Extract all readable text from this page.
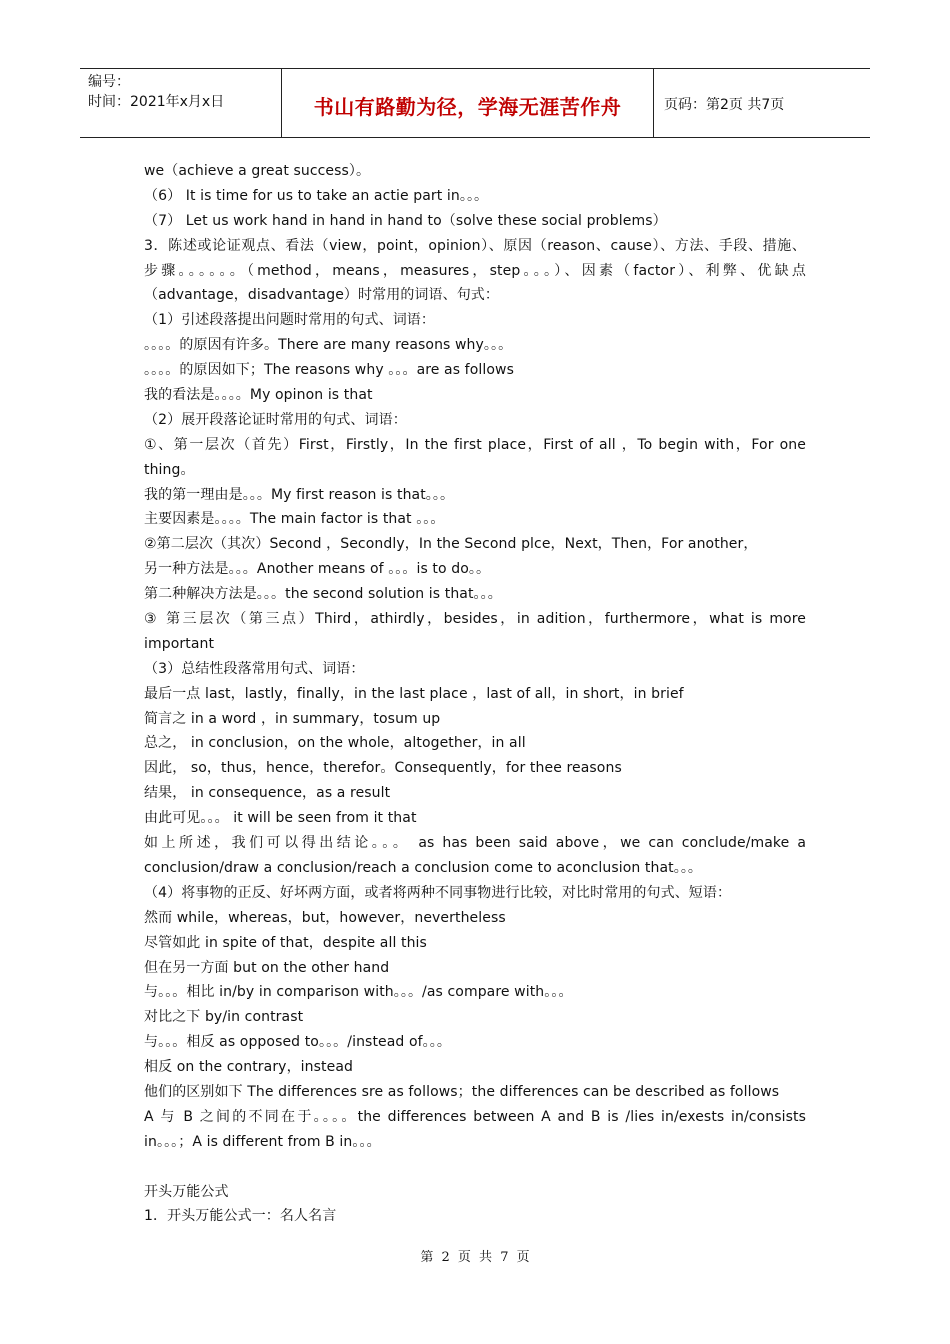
编号：
时间：2021年x月x日	书山有路勤为径，学海无涯苦作舟	页码：第2页 共7页
we（achieve a great success）。
（6） It is time for us to take an actie part in。。。
（7） Let us work hand in hand in hand to（solve these social problems）
3．陈述或论证观点、看法（view，point，opinion）、原因（reason、cause）、方法、手段、措施、
步骤。。。。。。（method，means，measures，step。。。）、因素（factor）、利弊、优缺点
（advantage，disadvantage）时常用的词语、句式：
（1）引述段落提出问题时常用的句式、词语：
。。。。的原因有许多。There are many reasons why。。。
。。。。的原因如下；The reasons why 。。。are as follows
我的看法是。。。。My opinon is that
（2）展开段落论证时常用的句式、词语：
①、第一层次（首先）First，Firstly，In the first place，First of all ，To begin with，For one
thing。
我的第一理由是。。。My first reason is that。。。
主要因素是。。。。The main factor is that 。。。
②第二层次（其次）Second ，Secondly，In the Second plce，Next，Then，For another，
另一种方法是。。。Another means of 。。。is to do。。
第二种解决方法是。。。the second solution is that。。。
③ 第三层次（第三点）Third，athirdly，besides，in adition，furthermore，what is more
important
（3）总结性段落常用句式、词语：
最后一点 last，lastly，finally，in the last place ，last of all，in short，in brief
简言之 in a word ，in summary，tosum up
总之， in conclusion，on the whole，altogether，in all
因此， so，thus，hence，therefor。Consequently，for thee reasons
结果， in consequence，as a result
由此可见。。。 it will be seen from it that
如上所述，我们可以得出结论。。。 as has been said above，we can conclude/make a
conclusion/draw a conclusion/reach a conclusion come to aconclusion that。。。
（4）将事物的正反、好坏两方面，或者将两种不同事物进行比较，对比时常用的句式、短语：
然而 while，whereas，but，however，nevertheless
尽管如此 in spite of that，despite all this
但在另一方面 but on the other hand
与。。。相比 in/by in comparison with。。。/as compare with。。。
对比之下 by/in contrast
与。。。相反 as opposed to。。。/instead of。。。
相反 on the contrary，instead
他们的区别如下 The differences sre as follows；the differences can be described as follows
A 与 B 之间的不同在于。。。。the differences between A and B is /lies in/exests in/consists
in。。。；A is different from B in。。。
开头万能公式
1．开头万能公式一：名人名言
第 2 页 共 7 页
